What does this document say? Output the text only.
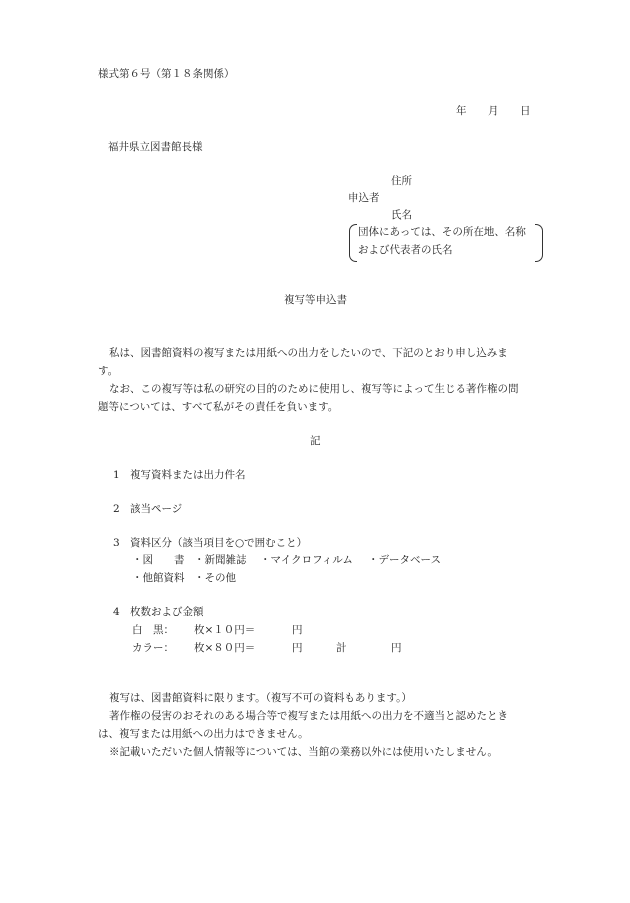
様式第６号（第１８条関係）
年 月 日
福井県立図書館長様
住所
申込者
氏名
団体にあっては、その所在地、名称
および代表者の氏名
複写等申込書
私は、図書館資料の複写または用紙への出力をしたいので、下記のとおり申し込みま
す。
なお、この複写等は私の研究の目的のために使用し、複写等によって生じる著作権の問
題等については、すべて私がその責任を負います。
記
1 複写資料または出力件名
2 該当ページ
3 資料区分（該当項目を○で囲むこと）
・図　　書 ・新聞雑誌 ・マイクロフィルム ・データベース
・他館資料 ・その他
4 枚数および金額
白　黒： 枚×１０円＝	円
カラー： 枚×８０円＝	円	計	円
複写は、図書館資料に限ります。（複写不可の資料もあります。）
著作権の侵害のおそれのある場合等で複写または用紙への出力を不適当と認めたとき
は、複写または用紙への出力はできません。
※記載いただいた個人情報等については、当館の業務以外には使用いたしません。
